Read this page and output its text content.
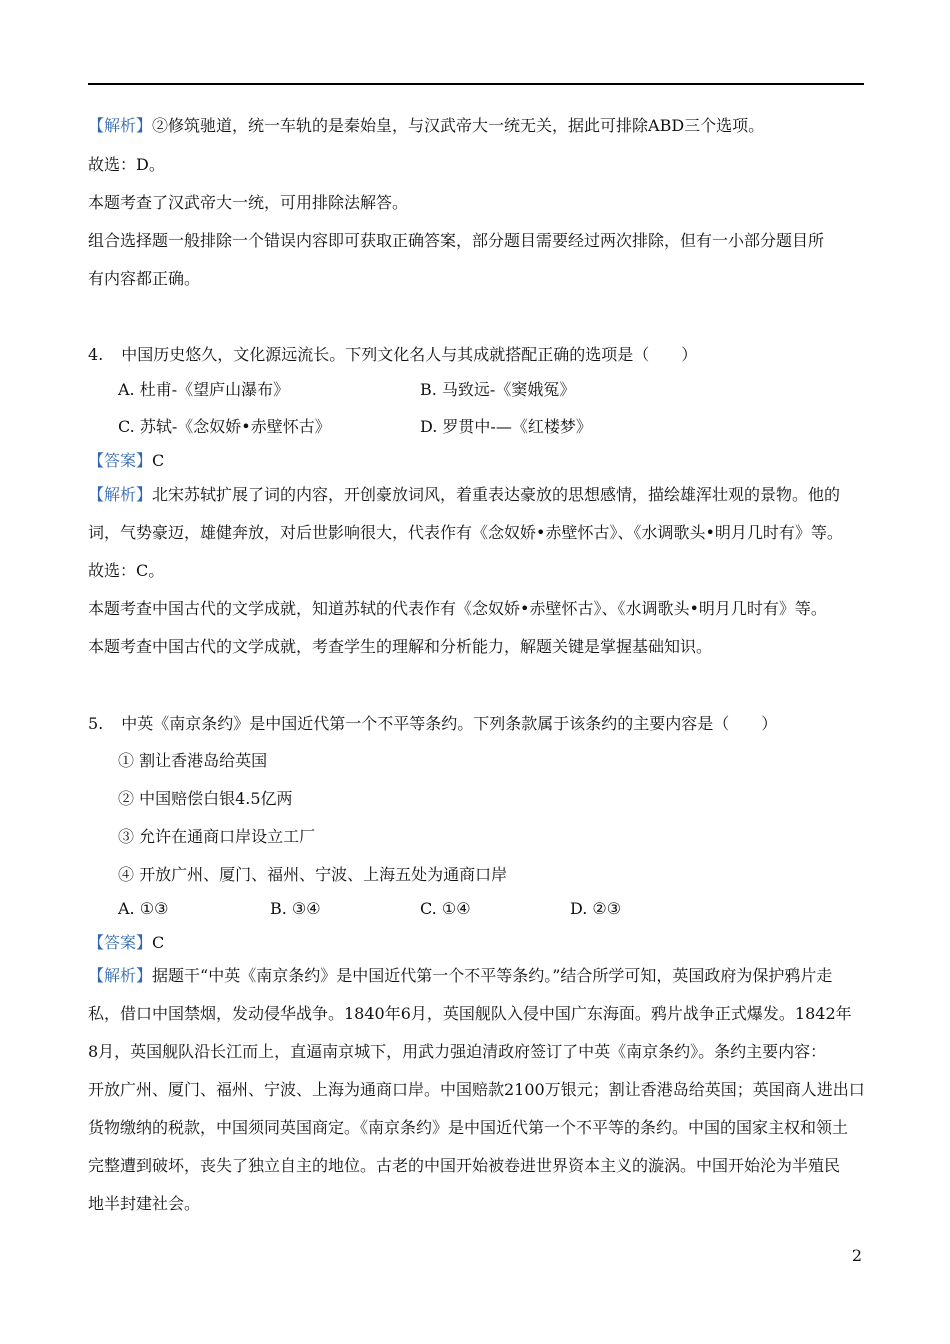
【解析】②修筑驰道，统一车轨的是秦始皇，与汉武帝大一统无关，据此可排除ABD三个选项。
故选：D。
本题考查了汉武帝大一统，可用排除法解答。
组合选择题一般排除一个错误内容即可获取正确答案，部分题目需要经过两次排除，但有一小部分题目所
有内容都正确。
4. 中国历史悠久，文化源远流长。下列文化名人与其成就搭配正确的选项是（　　）
A. 杜甫-《望庐山瀑布》	B. 马致远-《窦娥冤》
C. 苏轼-《念奴娇•赤壁怀古》	D. 罗贯中-—《红楼梦》
【答案】C
【解析】北宋苏轼扩展了词的内容，开创豪放词风，着重表达豪放的思想感情，描绘雄浑壮观的景物。他的
词，气势豪迈，雄健奔放，对后世影响很大，代表作有《念奴娇•赤壁怀古》、《水调歌头•明月几时有》等。
故选：C。
本题考查中国古代的文学成就，知道苏轼的代表作有《念奴娇•赤壁怀古》、《水调歌头•明月几时有》等。
本题考查中国古代的文学成就，考查学生的理解和分析能力，解题关键是掌握基础知识。
5. 中英《南京条约》是中国近代第一个不平等条约。下列条款属于该条约的主要内容是（　　）
① 割让香港岛给英国
② 中国赔偿白银4.5亿两
③ 允许在通商口岸设立工厂
④ 开放广州、厦门、福州、宁波、上海五处为通商口岸
A. ①③	B. ③④	C. ①④	D. ②③
【答案】C
【解析】据题干“中英《南京条约》是中国近代第一个不平等条约。”结合所学可知，英国政府为保护鸦片走
私，借口中国禁烟，发动侵华战争。1840年6月，英国舰队入侵中国广东海面。鸦片战争正式爆发。1842年
8月，英国舰队沿长江而上，直逼南京城下，用武力强迫清政府签订了中英《南京条约》。条约主要内容：
开放广州、厦门、福州、宁波、上海为通商口岸。中国赔款2100万银元；割让香港岛给英国；英国商人进出口
货物缴纳的税款，中国须同英国商定。《南京条约》是中国近代第一个不平等的条约。中国的国家主权和领土
完整遭到破坏，丧失了独立自主的地位。古老的中国开始被卷进世界资本主义的漩涡。中国开始沦为半殖民
地半封建社会。
2
